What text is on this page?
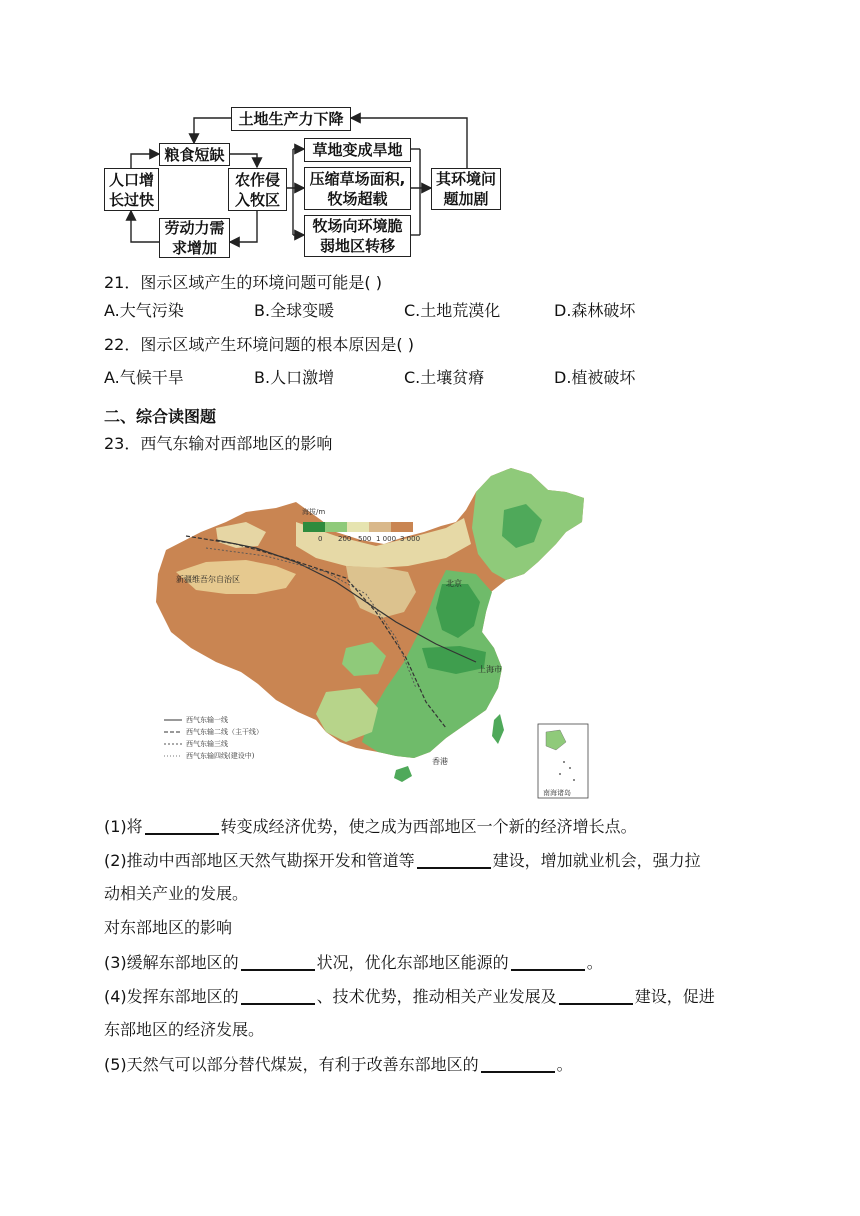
土地生产力下降
粮食短缺
人口增
长过快
农作侵
入牧区
劳动力需
求增加
草地变成旱地
压缩草场面积,
牧场超载
牧场向环境脆
弱地区转移
其环境问
题加剧
21．图示区域产生的环境问题可能是( )
A.大气污染	B.全球变暖	C.土地荒漠化	D.森林破坏
22．图示区域产生环境问题的根本原因是( )
A.气候干旱	B.人口激增	C.土壤贫瘠	D.植被破坏
二、综合读图题
23．西气东输对西部地区的影响
海拔/m
0 200 500 1 000 3 000
西气东输一线
西气东输二线（主干线）
西气东输三线
西气东输四线(建设中)
新疆维吾尔自治区	北京
上海市
香港
南海诸岛
(1)将	转变成经济优势，使之成为西部地区一个新的经济增长点。
(2)推动中西部地区天然气勘探开发和管道等	建设，增加就业机会，强力拉
动相关产业的发展。
对东部地区的影响
(3)缓解东部地区的	状况，优化东部地区能源的	。
(4)发挥东部地区的	、技术优势，推动相关产业发展及	建设，促进
东部地区的经济发展。
(5)天然气可以部分替代煤炭，有利于改善东部地区的	。
